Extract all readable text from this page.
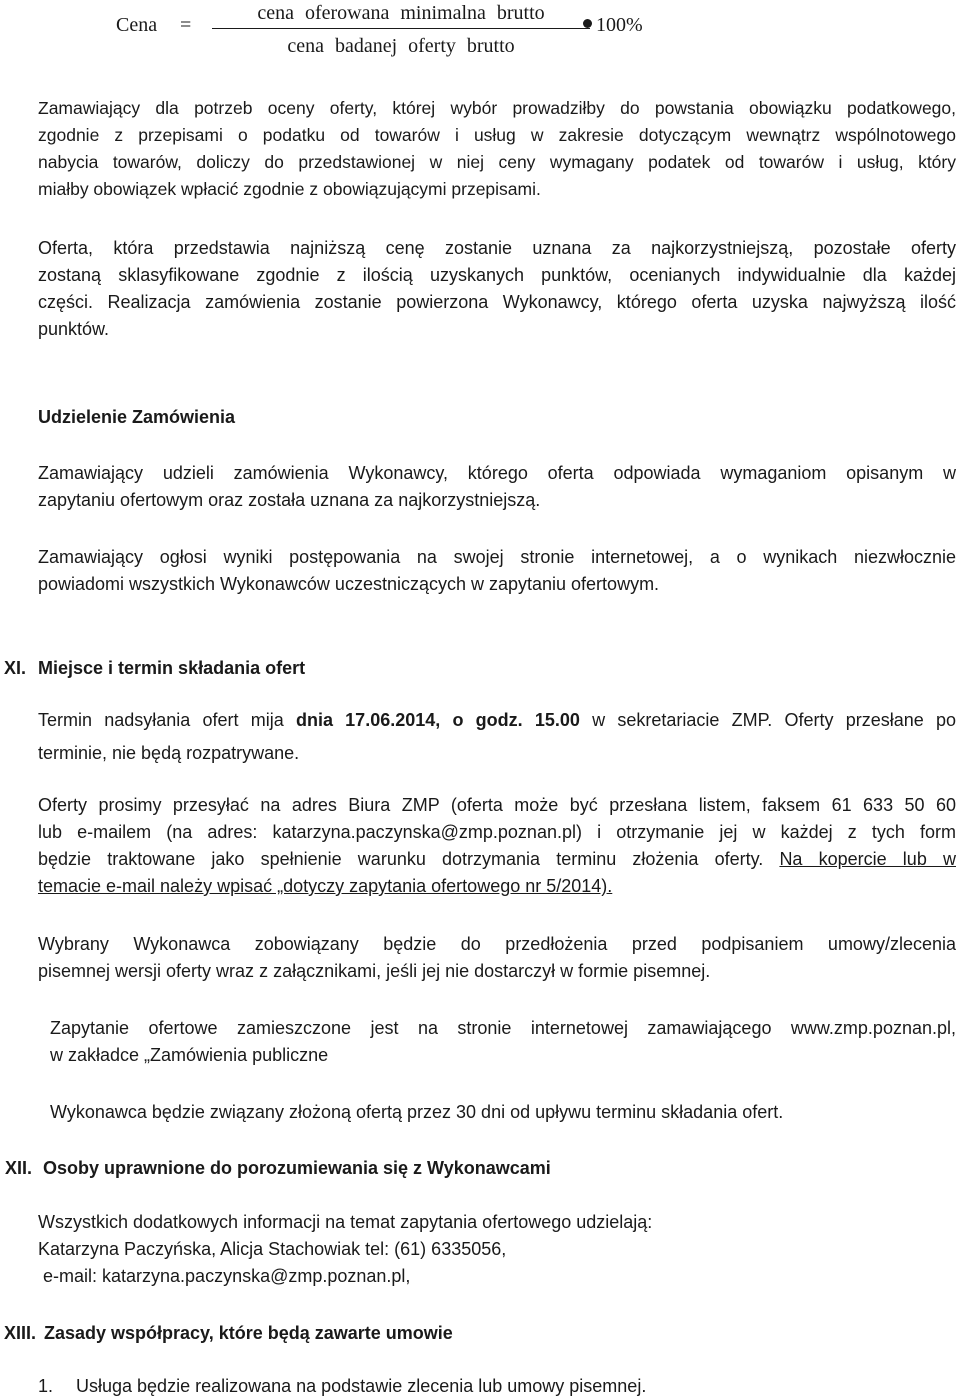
Cena =
cena oferowana minimalna brutto
cena badanej oferty brutto
100%

Zamawiający dla potrzeb oceny oferty, której wybór prowadziłby do powstania obowiązku podatkowego,
zgodnie z przepisami o podatku od towarów i usług w zakresie dotyczącym wewnątrz wspólnotowego
nabycia towarów, doliczy do przedstawionej w niej ceny wymagany podatek od towarów i usług, który
miałby obowiązek wpłacić zgodnie z obowiązującymi przepisami.

Oferta, która przedstawia najniższą cenę zostanie uznana za najkorzystniejszą, pozostałe oferty
zostaną sklasyfikowane zgodnie z ilością uzyskanych punktów, ocenianych indywidualnie dla każdej
części. Realizacja zamówienia zostanie powierzona Wykonawcy, którego oferta uzyska najwyższą ilość
punktów.

Udzielenie Zamówienia

Zamawiający udzieli zamówienia Wykonawcy, którego oferta odpowiada wymaganiom opisanym w
zapytaniu ofertowym oraz została uznana za najkorzystniejszą.

Zamawiający ogłosi wyniki postępowania na swojej stronie internetowej, a o wynikach niezwłocznie
powiadomi wszystkich Wykonawców uczestniczących w zapytaniu ofertowym.

XI. Miejsce i termin składania ofert

Termin nadsyłania ofert mija dnia 17.06.2014, o godz. 15.00 w sekretariacie ZMP. Oferty przesłane po
terminie, nie będą rozpatrywane.

Oferty prosimy przesyłać na adres Biura ZMP (oferta może być przesłana listem, faksem 61 633 50 60
lub e-mailem (na adres: katarzyna.paczynska@zmp.poznan.pl) i otrzymanie jej w każdej z tych form
będzie traktowane jako spełnienie warunku dotrzymania terminu złożenia oferty. Na kopercie lub w
temacie e-mail należy wpisać „dotyczy zapytania ofertowego nr 5/2014).

Wybrany Wykonawca zobowiązany będzie do przedłożenia przed podpisaniem umowy/zlecenia
pisemnej wersji oferty wraz z załącznikami, jeśli jej nie dostarczył w formie pisemnej.

Zapytanie ofertowe zamieszczone jest na stronie internetowej zamawiającego www.zmp.poznan.pl,
w zakładce „Zamówienia publiczne

Wykonawca będzie związany złożoną ofertą przez 30 dni od upływu terminu składania ofert.

XII. Osoby uprawnione do porozumiewania się z Wykonawcami

Wszystkich dodatkowych informacji na temat zapytania ofertowego udzielają:
Katarzyna Paczyńska, Alicja Stachowiak tel: (61) 6335056,
e-mail: katarzyna.paczynska@zmp.poznan.pl,

XIII. Zasady współpracy, które będą zawarte umowie

1. Usługa będzie realizowana na podstawie zlecenia lub umowy pisemnej.
